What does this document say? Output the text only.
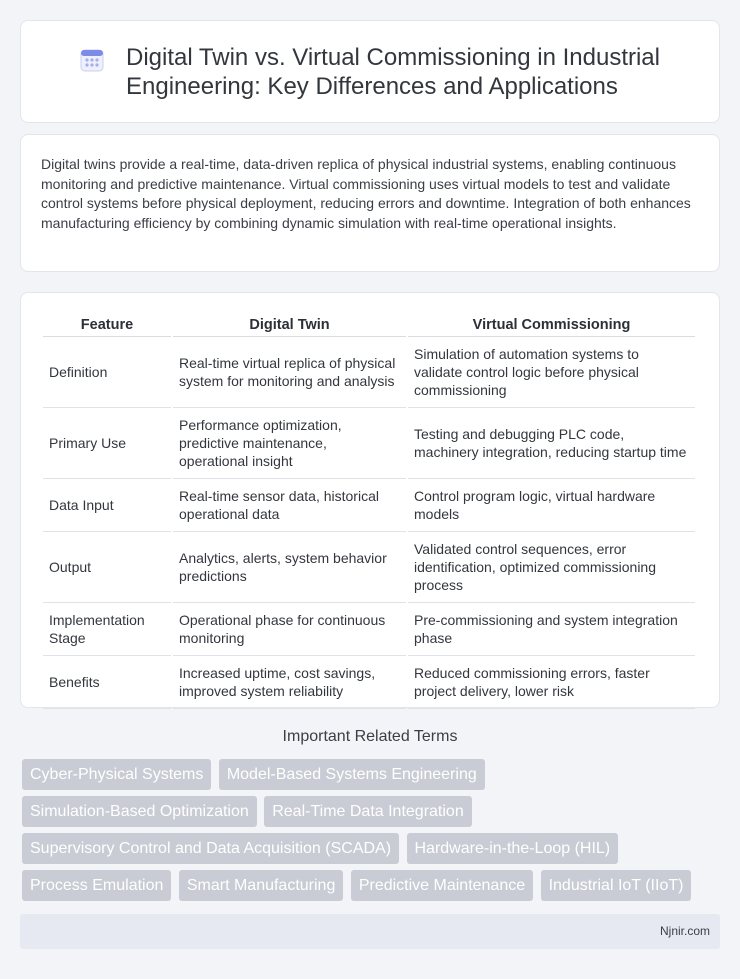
Digital Twin vs. Virtual Commissioning in Industrial Engineering: Key Differences and Applications

Digital twins provide a real-time, data-driven replica of physical industrial systems, enabling continuous monitoring and predictive maintenance. Virtual commissioning uses virtual models to test and validate control systems before physical deployment, reducing errors and downtime. Integration of both enhances manufacturing efficiency by combining dynamic simulation with real-time operational insights.

Feature	Digital Twin	Virtual Commissioning
Definition	Real-time virtual replica of physical system for monitoring and analysis	Simulation of automation systems to validate control logic before physical commissioning
Primary Use	Performance optimization, predictive maintenance, operational insight	Testing and debugging PLC code, machinery integration, reducing startup time
Data Input	Real-time sensor data, historical operational data	Control program logic, virtual hardware models
Output	Analytics, alerts, system behavior predictions	Validated control sequences, error identification, optimized commissioning process
Implementation Stage	Operational phase for continuous monitoring	Pre-commissioning and system integration phase
Benefits	Increased uptime, cost savings, improved system reliability	Reduced commissioning errors, faster project delivery, lower risk
Important Related Terms
Cyber-Physical Systems Model-Based Systems Engineering Simulation-Based Optimization Real-Time Data Integration Supervisory Control and Data Acquisition (SCADA) Hardware-in-the-Loop (HIL) Process Emulation Smart Manufacturing Predictive Maintenance Industrial IoT (IIoT)
Njnir.com
